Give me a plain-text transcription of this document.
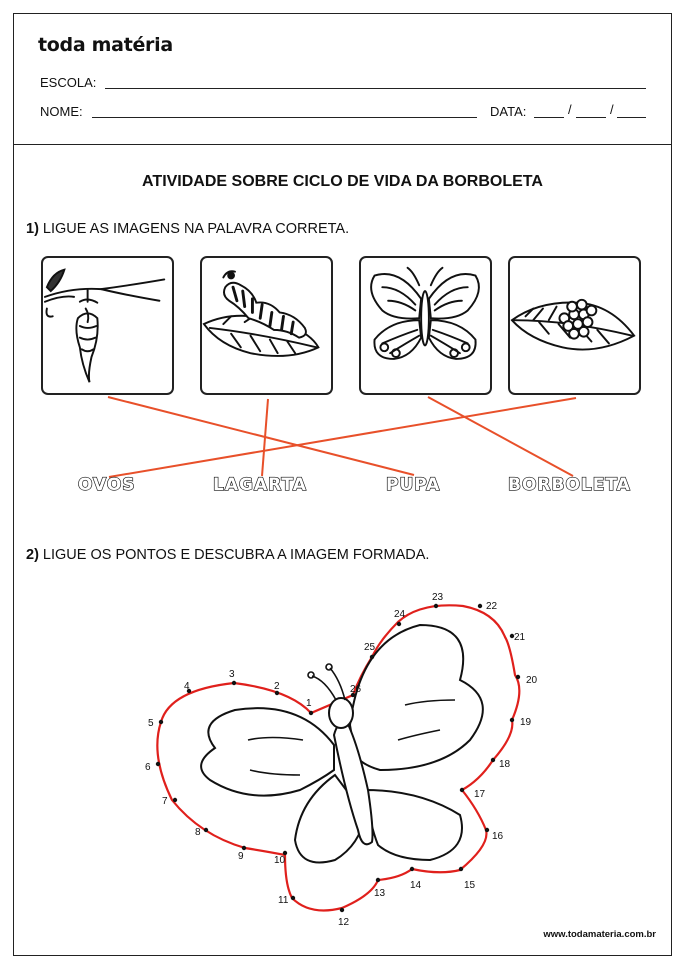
toda matéria
ESCOLA:
NOME:	DATA:	/	/
ATIVIDADE SOBRE CICLO DE VIDA DA BORBOLETA
1) LIGUE AS IMAGENS NA PALAVRA CORRETA.
OVOS	LAGARTA	PUPA	BORBOLETA
2) LIGUE OS PONTOS E DESCUBRA A IMAGEM FORMADA.
1
2
3
4
5
6
7
8
9	10
11
12
13
14	15
16
17
18
19
20
21
22
23
24
25
26
www.todamateria.com.br
